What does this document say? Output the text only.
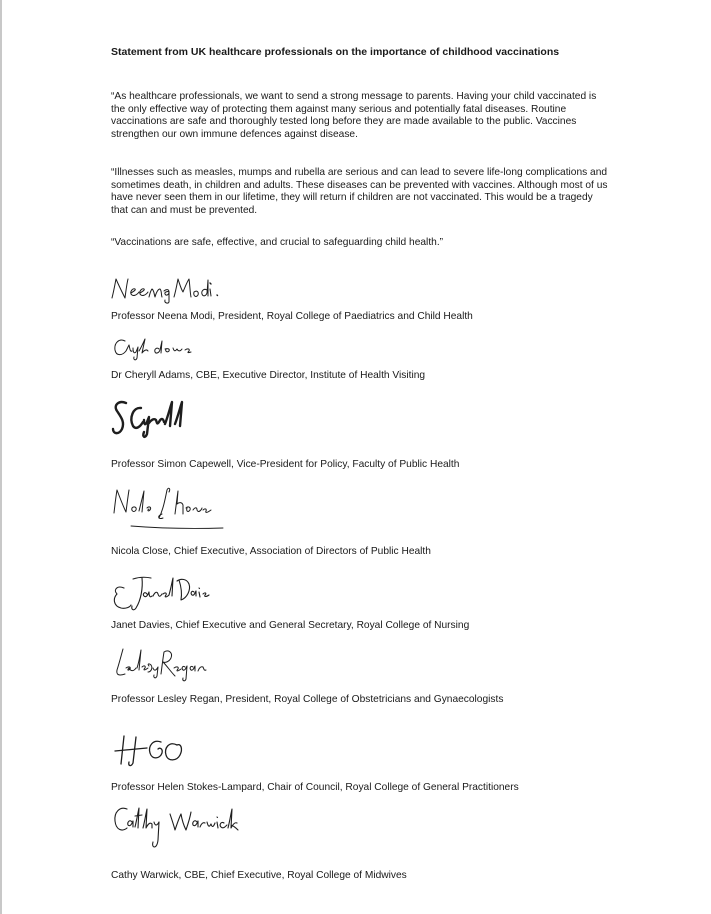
Statement from UK healthcare professionals on the importance of childhood vaccinations

“As healthcare professionals, we want to send a strong message to parents. Having your child vaccinated is the only effective way of protecting them against many serious and potentially fatal diseases. Routine vaccinations are safe and thoroughly tested long before they are made available to the public. Vaccines strengthen our own immune defences against disease.

“Illnesses such as measles, mumps and rubella are serious and can lead to severe life-long complications and sometimes death, in children and adults. These diseases can be prevented with vaccines. Although most of us have never seen them in our lifetime, they will return if children are not vaccinated. This would be a tragedy that can and must be prevented.

“Vaccinations are safe, effective, and crucial to safeguarding child health.”

Professor Neena Modi, President, Royal College of Paediatrics and Child Health
Dr Cheryll Adams, CBE, Executive Director, Institute of Health Visiting
Professor Simon Capewell, Vice-President for Policy, Faculty of Public Health
Nicola Close, Chief Executive, Association of Directors of Public Health
Janet Davies, Chief Executive and General Secretary, Royal College of Nursing
Professor Lesley Regan, President, Royal College of Obstetricians and Gynaecologists
Professor Helen Stokes-Lampard, Chair of Council, Royal College of General Practitioners
Cathy Warwick, CBE, Chief Executive, Royal College of Midwives
